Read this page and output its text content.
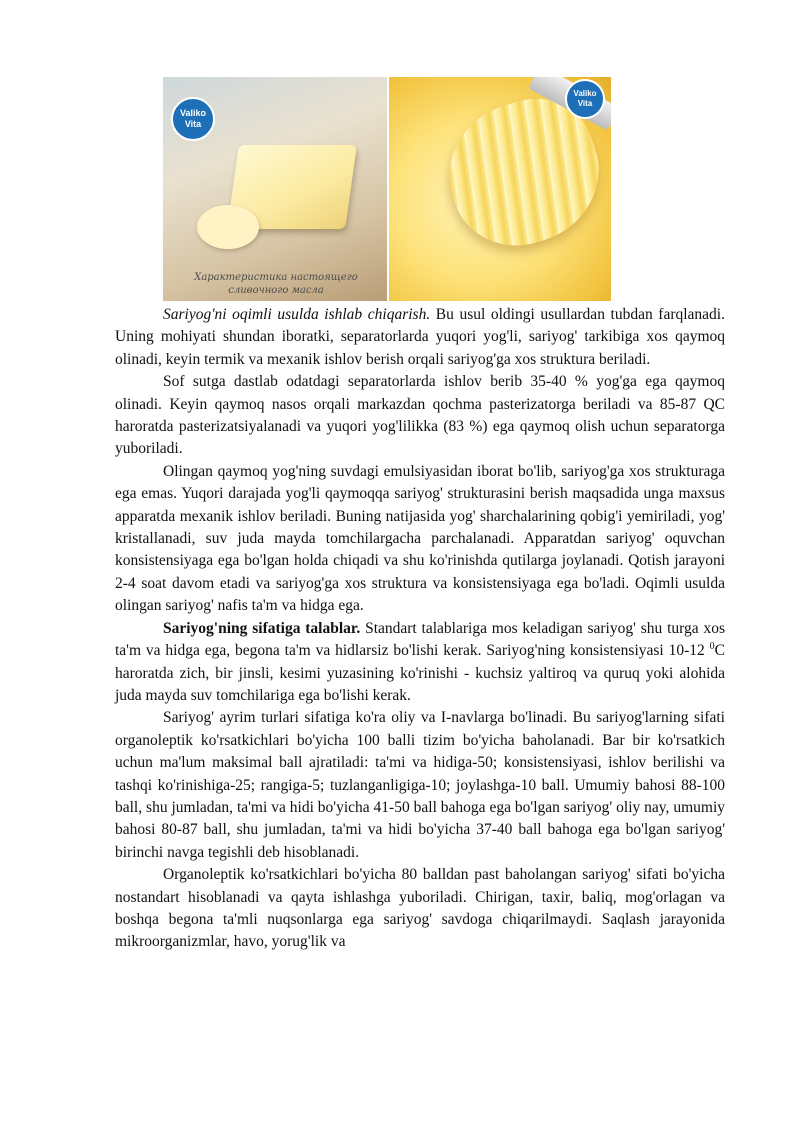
Valiko Vita
Характеристика настоящего сливочного масла
Valiko Vita

Sariyog'ni oqimli usulda ishlab chiqarish. Bu usul oldingi usullardan tubdan farqlanadi. Uning mohiyati shundan iboratki, separatorlarda yuqori yog'li, sariyog' tarkibiga xos qaymoq olinadi, keyin termik va mexanik ishlov berish orqali sariyog'ga xos struktura beriladi.

Sof sutga dastlab odatdagi separatorlarda ishlov berib 35-40 % yog'ga ega qaymoq olinadi. Keyin qaymoq nasos orqali markazdan qochma pasterizatorga beriladi va 85-87 QC haroratda pasterizatsiyalanadi va yuqori yog'lilikka (83 %) ega qaymoq olish uchun separatorga yuboriladi.

Olingan qaymoq yog'ning suvdagi emulsiyasidan iborat bo'lib, sariyog'ga xos strukturaga ega emas. Yuqori darajada yog'li qaymoqqa sariyog' strukturasini berish maqsadida unga maxsus apparatda mexanik ishlov beriladi. Buning natijasida yog' sharchalarining qobig'i yemiriladi, yog' kristallanadi, suv juda mayda tomchilargacha parchalanadi. Apparatdan sariyog' oquvchan konsistensiyaga ega bo'lgan holda chiqadi va shu ko'rinishda qutilarga joylanadi. Qotish jarayoni 2-4 soat davom etadi va sariyog'ga xos struktura va konsistensiyaga ega bo'ladi. Oqimli usulda olingan sariyog' nafis ta'm va hidga ega.

Sariyog'ning sifatiga talablar. Standart talablariga mos keladigan sariyog' shu turga xos ta'm va hidga ega, begona ta'm va hidlarsiz bo'lishi kerak. Sariyog'ning konsistensiyasi 10-12 $^0$C haroratda zich, bir jinsli, kesimi yuzasining ko'rinishi - kuchsiz yaltiroq va quruq yoki alohida juda mayda suv tomchilariga ega bo'lishi kerak.

Sariyog' ayrim turlari sifatiga ko'ra oliy va I-navlarga bo'linadi. Bu sariyog'larning sifati organoleptik ko'rsatkichlari bo'yicha 100 balli tizim bo'yicha baholanadi. Bar bir ko'rsatkich uchun ma'lum maksimal ball ajratiladi: ta'mi va hidiga-50; konsistensiyasi, ishlov berilishi va tashqi ko'rinishiga-25; rangiga-5; tuzlanganligiga-10; joylashga-10 ball. Umumiy bahosi 88-100 ball, shu jumladan, ta'mi va hidi bo'yicha 41-50 ball bahoga ega bo'lgan sariyog' oliy nay, umumiy bahosi 80-87 ball, shu jumladan, ta'mi va hidi bo'yicha 37-40 ball bahoga ega bo'lgan sariyog' birinchi navga tegishli deb hisoblanadi.

Organoleptik ko'rsatkichlari bo'yicha 80 balldan past baholangan sariyog' sifati bo'yicha nostandart hisoblanadi va qayta ishlashga yuboriladi. Chirigan, taxir, baliq, mog'orlagan va boshqa begona ta'mli nuqsonlarga ega sariyog' savdoga chiqarilmaydi. Saqlash jarayonida mikroorganizmlar, havo, yorug'lik va
